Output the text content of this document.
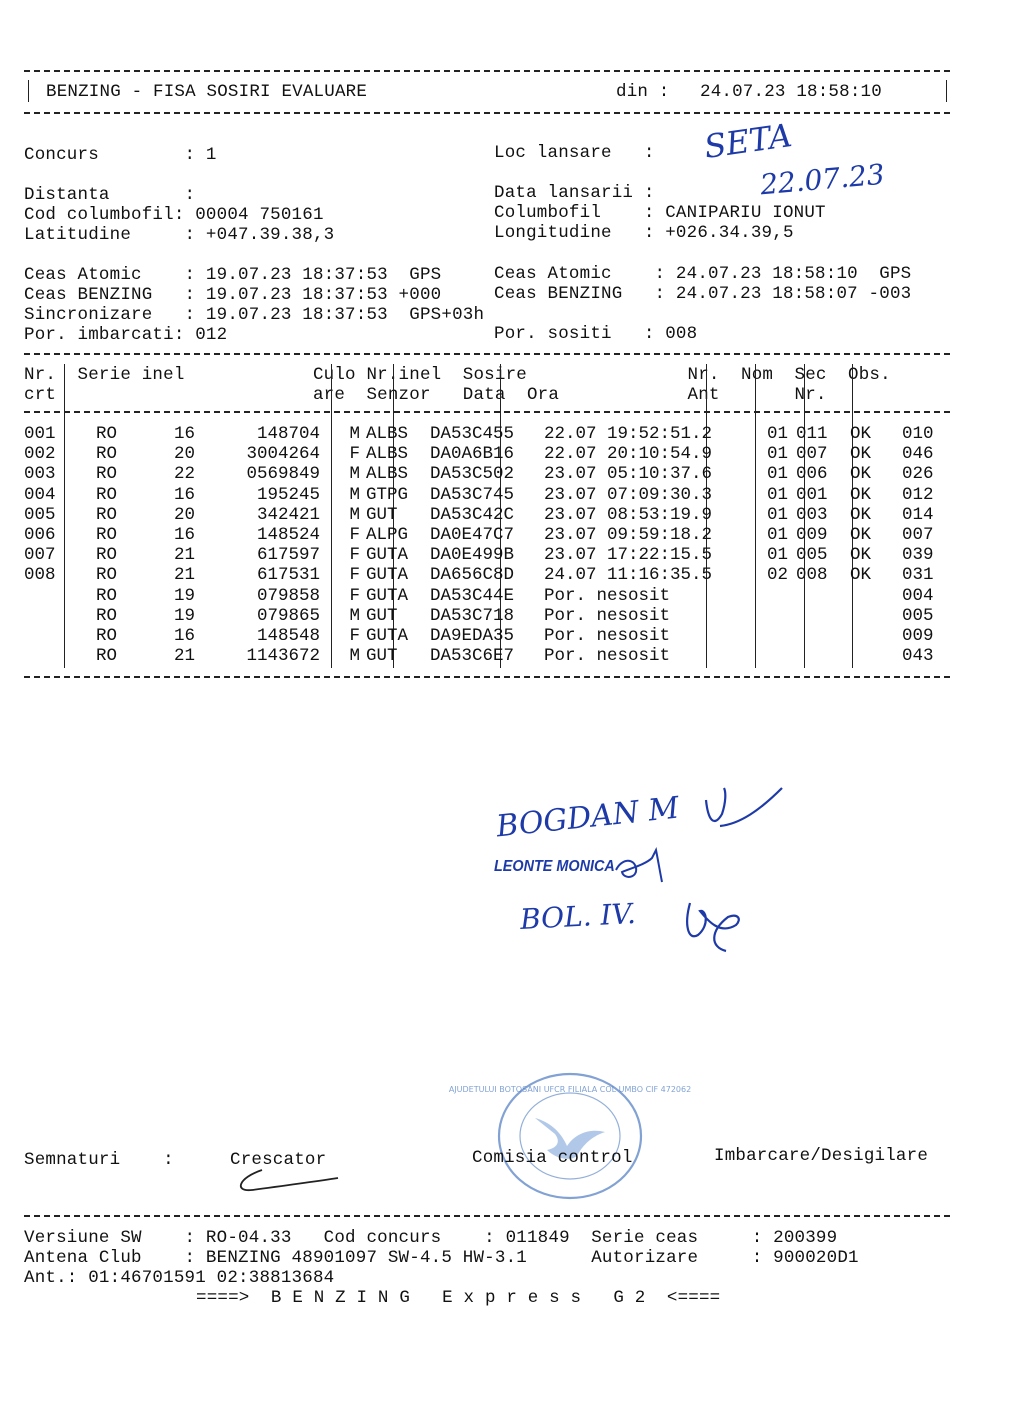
BENZING - FISA SOSIRI EVALUARE	din : 24.07.23 18:58:10
Concurs        : 1	Loc lansare   : SETA
Distanta       :	Data lansarii :	22.07.23
Cod columbofil: 00004 750161	Columbofil    : CANIPARIU IONUT
Latitudine     : +047.39.38,3	Longitudine   : +026.34.39,5
Ceas Atomic    : 19.07.23 18:37:53  GPS	Ceas Atomic    : 24.07.23 18:58:10  GPS
Ceas BENZING   : 19.07.23 18:37:53 +000	Ceas BENZING   : 24.07.23 18:58:07 -003
Sincronizare   : 19.07.23 18:37:53  GPS+03h
Por. imbarcati: 012	Por. sositi   : 008
Nr.  Serie inel            Culo Nr.inel  Sosire               Nr.  Nom  Sec  Obs.
crt                        are  Senzor   Data  Ora            Ant       Nr.
001	RO	16	148704	M	ALBS	DA53C455	22.07 19:52:51.2	01	011	OK	010
002	RO	20	3004264	F	ALBS	DA0A6B16	22.07 20:10:54.9	01	007	OK	046
003	RO	22	0569849	M	ALBS	DA53C502	23.07 05:10:37.6	01	006	OK	026
004	RO	16	195245	M	GTPG	DA53C745	23.07 07:09:30.3	01	001	OK	012
005	RO	20	342421	M	GUT	DA53C42C	23.07 08:53:19.9	01	003	OK	014
006	RO	16	148524	F	ALPG	DA0E47C7	23.07 09:59:18.2	01	009	OK	007
007	RO	21	617597	F	GUTA	DA0E499B	23.07 17:22:15.5	01	005	OK	039
008	RO	21	617531	F	GUTA	DA656C8D	24.07 11:16:35.5	02	008	OK	031
	RO	19	079858	F	GUTA	DA53C44E	Por. nesosit				004
	RO	19	079865	M	GUT	DA53C718	Por. nesosit				005
	RO	16	148548	F	GUTA	DA9EDA35	Por. nesosit				009
	RO	21	1143672	M	GUT	DA53C6E7	Por. nesosit				043
BOGDAN M
LEONTE MONICA
BOL. IV.
AJUDETULUI BOTOSANI UFCR FILIALA COL UMBO CIF 472062
Semnaturi    :	Crescator	Comisia control	Imbarcare/Desigilare
Versiune SW    : RO-04.33   Cod concurs    : 011849  Serie ceas     : 200399
Antena Club    : BENZING 48901097 SW-4.5 HW-3.1      Autorizare     : 900020D1
Ant.: 01:46701591 02:38813684
====>  B E N Z I N G   E x p r e s s   G 2  <====
